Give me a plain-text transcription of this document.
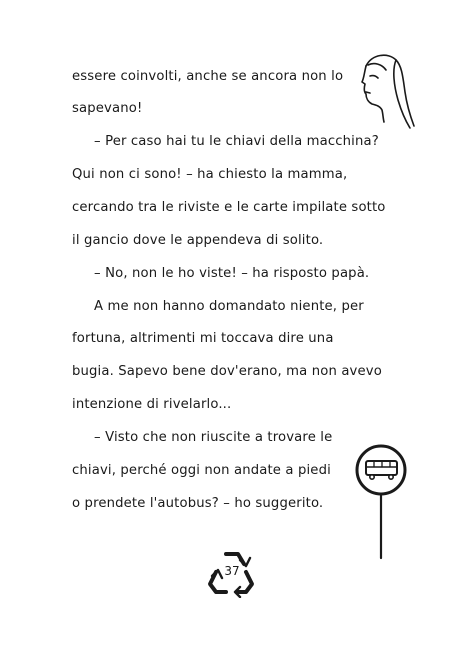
essere coinvolti, anche se ancora non lo
sapevano!
– Per caso hai tu le chiavi della macchina?
Qui non ci sono! – ha chiesto la mamma,
cercando tra le riviste e le carte impilate sotto
il gancio dove le appendeva di solito.
– No, non le ho viste! – ha risposto papà.
A me non hanno domandato niente, per
fortuna, altrimenti mi toccava dire una
bugia. Sapevo bene dov'erano, ma non avevo
intenzione di rivelarlo...
– Visto che non riuscite a trovare le
chiavi, perché oggi non andate a piedi
o prendete l'autobus? – ho suggerito.
37
